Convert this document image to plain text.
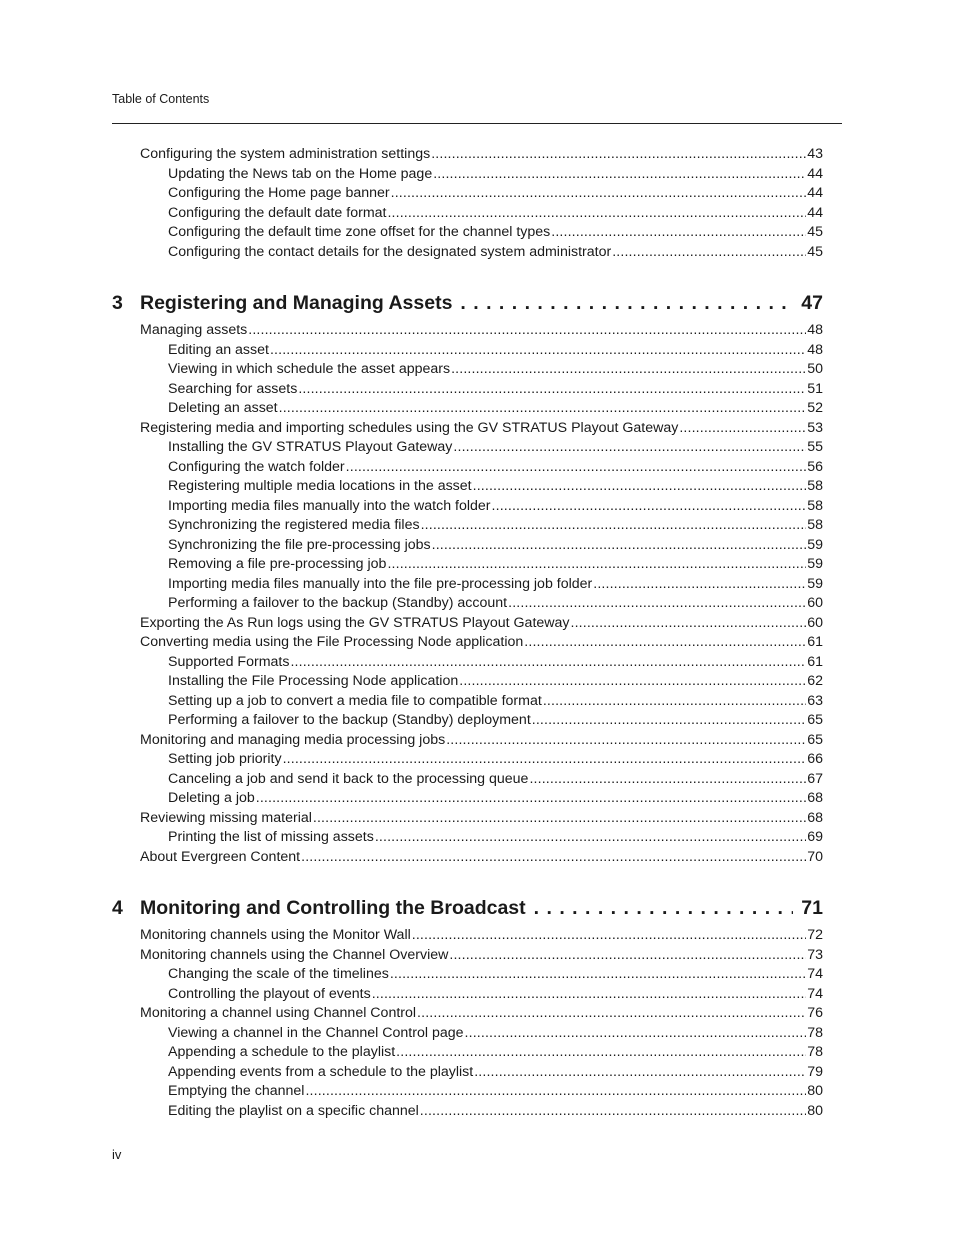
Table of Contents
Configuring the system administration settings . . .	43
Updating the News tab on the Home page . . .	44
Configuring the Home page banner . . .	44
Configuring the default date format . . .	44
Configuring the default time zone offset for the channel types . . .	45
Configuring the contact details for the designated system administrator . . .	45
3 Registering and Managing Assets . . .	47
Managing assets . . .	48
Editing an asset . . .	48
Viewing in which schedule the asset appears . . .	50
Searching for assets . . .	51
Deleting an asset . . .	52
Registering media and importing schedules using the GV STRATUS Playout Gateway . . .	53
Installing the GV STRATUS Playout Gateway . . .	55
Configuring the watch folder . . .	56
Registering multiple media locations in the asset . . .	58
Importing media files manually into the watch folder . . .	58
Synchronizing the registered media files . . .	58
Synchronizing the file pre-processing jobs . . .	59
Removing a file pre-processing job . . .	59
Importing media files manually into the file pre-processing job folder . . .	59
Performing a failover to the backup (Standby) account . . .	60
Exporting the As Run logs using the GV STRATUS Playout Gateway . . .	60
Converting media using the File Processing Node application . . .	61
Supported Formats . . .	61
Installing the File Processing Node application . . .	62
Setting up a job to convert a media file to compatible format . . .	63
Performing a failover to the backup (Standby) deployment . . .	65
Monitoring and managing media processing jobs . . .	65
Setting job priority . . .	66
Canceling a job and send it back to the processing queue . . .	67
Deleting a job . . .	68
Reviewing missing material . . .	68
Printing the list of missing assets . . .	69
About Evergreen Content . . .	70
4 Monitoring and Controlling the Broadcast . . .	71
Monitoring channels using the Monitor Wall . . .	72
Monitoring channels using the Channel Overview . . .	73
Changing the scale of the timelines . . .	74
Controlling the playout of events . . .	74
Monitoring a channel using Channel Control . . .	76
Viewing a channel in the Channel Control page . . .	78
Appending a schedule to the playlist . . .	78
Appending events from a schedule to the playlist . . .	79
Emptying the channel . . .	80
Editing the playlist on a specific channel . . .	80
iv
